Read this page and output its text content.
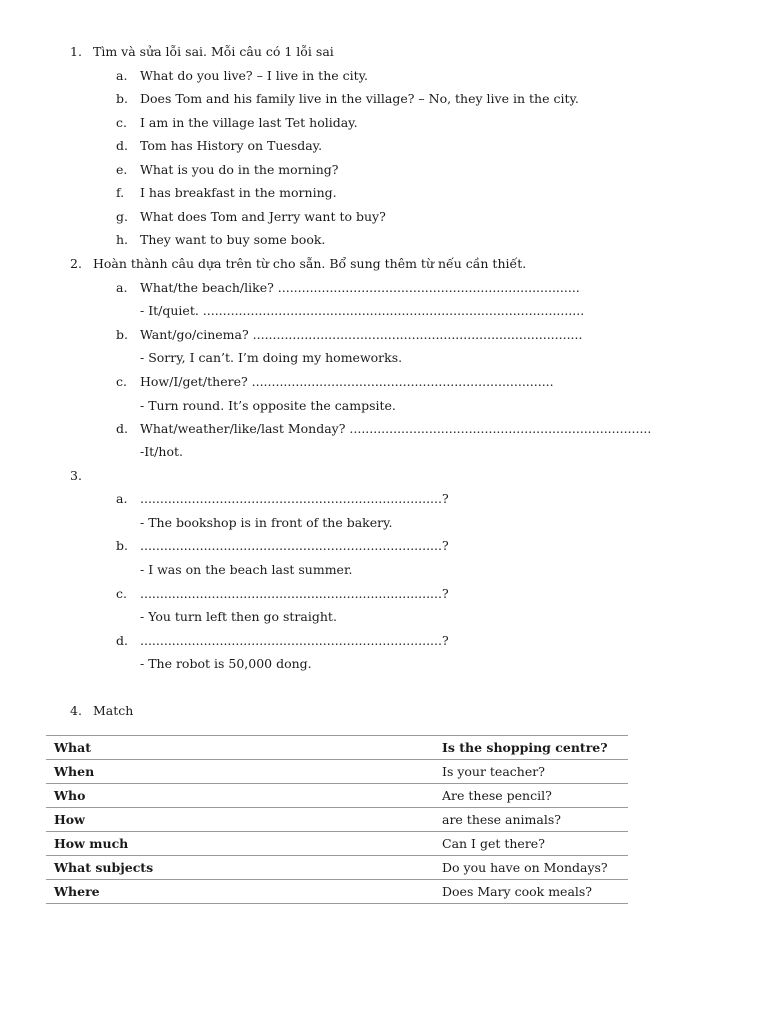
1. Tìm và sửa lỗi sai. Mỗi câu có 1 lỗi sai
a. What do you live? – I live in the city.
b. Does Tom and his family live in the village? – No, they live in the city.
c. I am in the village last Tet holiday.
d. Tom has History on Tuesday.
e. What is you do in the morning?
f. I has breakfast in the morning.
g. What does Tom and Jerry want to buy?
h. They want to buy some book.
2. Hoàn thành câu dựa trên từ cho sẵn. Bổ sung thêm từ nếu cần thiết.
a. What/the beach/like? ............................................................................
- It/quiet. ................................................................................................
b. Want/go/cinema? ...................................................................................
- Sorry, I can’t. I’m doing my homeworks.
c. How/I/get/there? ............................................................................
- Turn round. It’s opposite the campsite.
d. What/weather/like/last Monday? ............................................................................
-It/hot.
3.
a. ............................................................................?
- The bookshop is in front of the bakery.
b. ............................................................................?
- I was on the beach last summer.
c. ............................................................................?
- You turn left then go straight.
d. ............................................................................?
- The robot is 50,000 dong.
4. Match
What	Is the shopping centre?
When	Is your teacher?
Who	Are these pencil?
How	are these animals?
How much	Can I get there?
What subjects	Do you have on Mondays?
Where	Does Mary cook meals?
